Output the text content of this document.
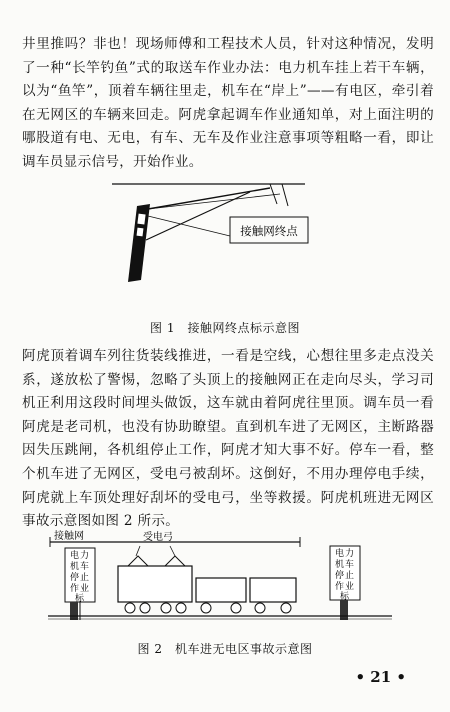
井里推吗？非也！现场师傅和工程技术人员，针对这种情况，发明了一种“长竿钓鱼”式的取送车作业办法：电力机车挂上若干车辆，以为“鱼竿”，顶着车辆往里走，机车在“岸上”——有电区，牵引着在无网区的车辆来回走。阿虎拿起调车作业通知单，对上面注明的哪股道有电、无电，有车、无车及作业注意事项等粗略一看，即让调车员显示信号，开始作业。

接触网终点
图 1　接触网终点标示意图

阿虎顶着调车列往货装线推进，一看是空线，心想往里多走点没关系，遂放松了警惕，忽略了头顶上的接触网正在走向尽头，学习司机正利用这段时间埋头做饭，这车就由着阿虎往里顶。调车员一看阿虎是老司机，也没有协助瞭望。直到机车进了无网区，主断路器因失压跳闸，各机组停止工作，阿虎才知大事不好。停车一看，整个机车进了无网区，受电弓被刮坏。这倒好，不用办理停电手续，阿虎就上车顶处理好刮坏的受电弓，坐等救援。阿虎机班进无网区事故示意图如图 2 所示。

接触网
电力 机车 停止 作业 标
电力 机车 停止 作业 标
受电弓
图 2　机车进无电区事故示意图
• 21 •
